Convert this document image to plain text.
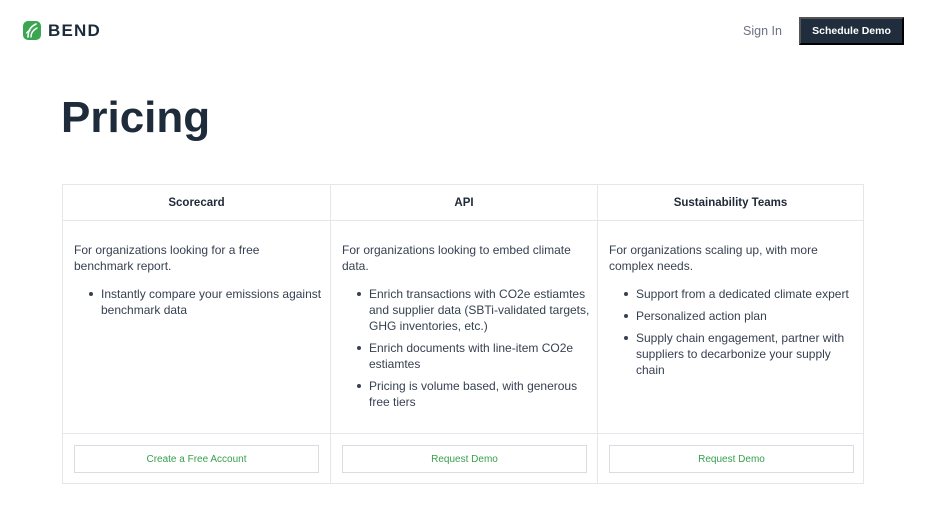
BEND	Sign In	Schedule Demo
Pricing
Scorecard

For organizations looking for a free benchmark report.

Instantly compare your emissions against benchmark data
Create a Free Account
API

For organizations looking to embed climate data.

Enrich transactions with CO2e estiamtes and supplier data (SBTi-validated targets, GHG inventories, etc.)
Enrich documents with line-item CO2e estiamtes
Pricing is volume based, with generous free tiers
Request Demo
Sustainability Teams

For organizations scaling up, with more complex needs.

Support from a dedicated climate expert
Personalized action plan
Supply chain engagement, partner with suppliers to decarbonize your supply chain
Request Demo
